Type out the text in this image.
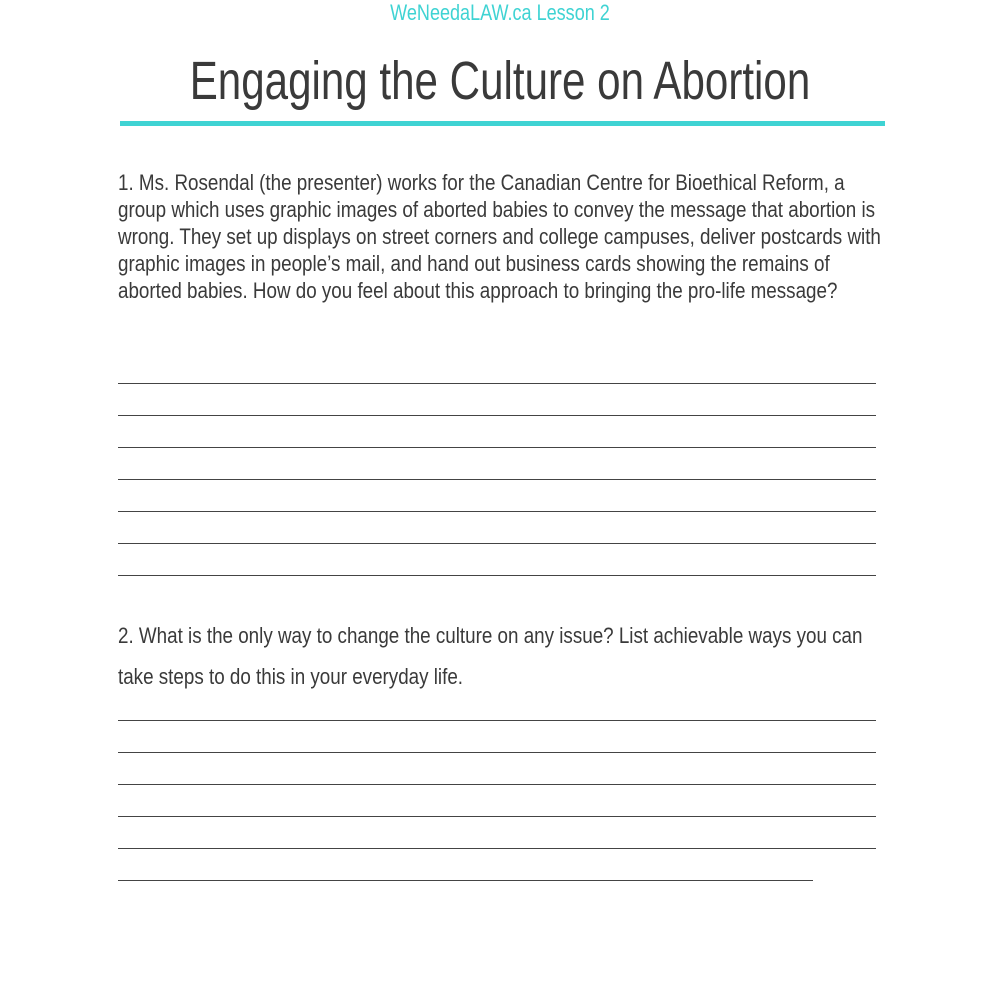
WeNeedaLAW.ca Lesson 2
Engaging the Culture on Abortion

1. Ms. Rosendal (the presenter) works for the Canadian Centre for Bioethical Reform, a group which uses graphic images of aborted babies to convey the message that abortion is wrong. They set up displays on street corners and college campuses, deliver postcards with graphic images in people’s mail, and hand out business cards showing the remains of aborted babies. How do you feel about this approach to bringing the pro-life message?

2. What is the only way to change the culture on any issue? List achievable ways you can take steps to do this in your everyday life.
